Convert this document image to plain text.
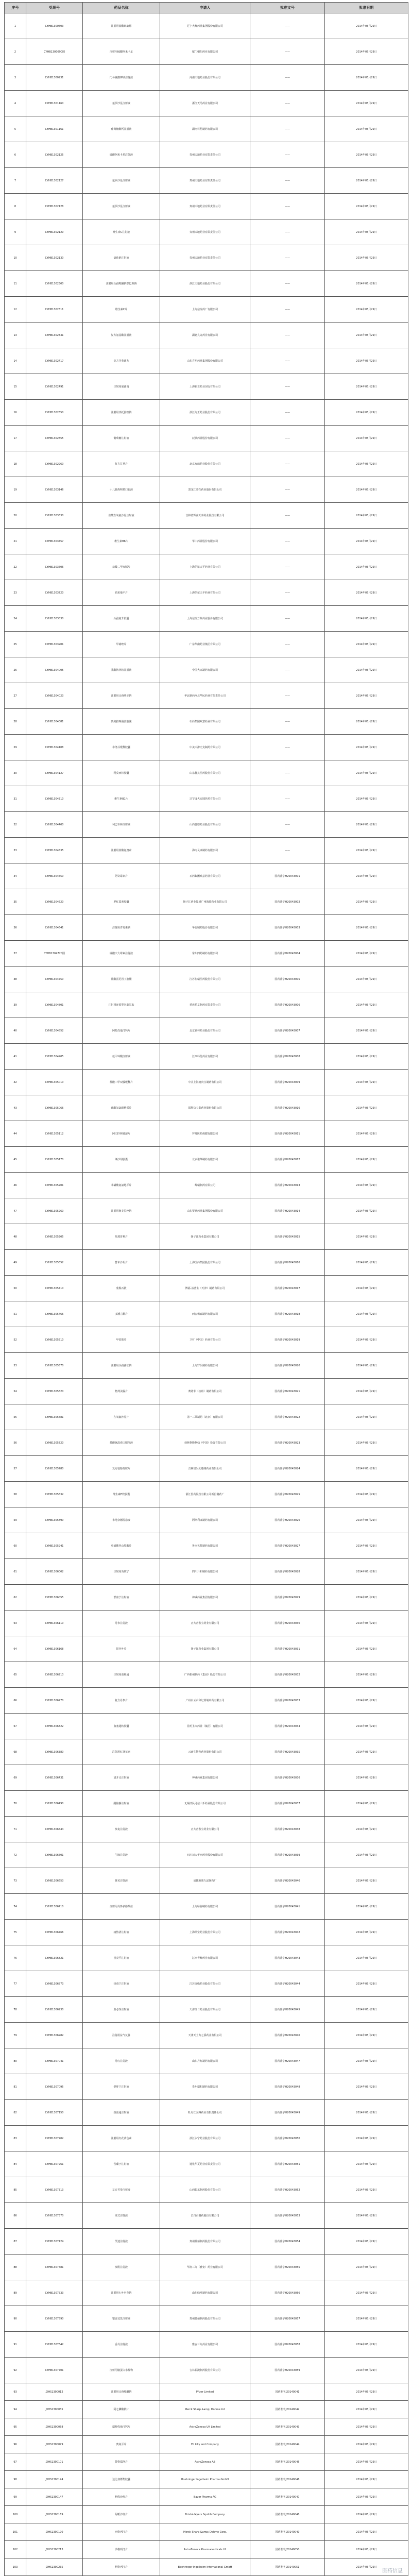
序号	受理号	药品名称	申请人	批准文号	批准日期
1	CYHB1300603	注射用盐酸吡硫醇	辽宁大峰药业集团股份有限公司	——	2014年05月29日
2	CYHB1300690国	注射用硫酸阿米卡星	厦门朝阳药业有限公司	——	2014年05月29日
3	CYHB1300931	门冬氨酸钾镁注射液	河南天地药业股份有限公司	——	2014年05月29日
4	CYHB1301160	氟罗沙星注射液	浙江天马药业有限公司	——	2014年05月29日
5	CYHB1301161	葡萄糖酸钙注射液	湖南科伦制药有限公司	——	2014年05月29日
6	CYHB1302125	硫酸阿米卡星注射液	贵州天地药业有限责任公司	——	2014年05月29日
7	CYHB1302127	氟罗沙星注射液	贵州天地药业有限责任公司	——	2014年05月29日
8	CYHB1302128	氟罗沙星注射液	贵州天地药业有限责任公司	——	2014年05月29日
9	CYHB1302129	维生素C注射液	贵州天地药业有限责任公司	——	2014年05月29日
10	CYHB1302130	氯化钠注射液	贵州天地药业有限责任公司	——	2014年05月29日
11	CYHB1302300	注射用头孢哌酮钠舒巴坦钠	浙江天地药业股份有限公司	——	2014年05月29日
12	CYHB1302311	维生素C片	上海信谊药厂有限公司	——	2014年05月29日
13	CYHB1302331	复方氨基酸注射液	湖北丸丸药业有限公司	——	2014年05月29日
14	CYHB1302417	复方丹参滴丸	山东方明药业集团股份有限公司	——	2014年05月29日
15	CYHB1302491	注射用氨曲南	上海新亚药业闵行有限公司	——	2014年05月29日
16	CYHB1302650	注射用泮托拉唑钠	浙江海正药业股份有限公司	——	2014年05月29日
17	CYHB1302855	葡萄糖注射液	辰欣药业股份有限公司	——	2014年05月29日
18	CYHB1302960	复方甘草片	北京双鹤药业股份有限公司	——	2014年05月29日
19	CYHB1303146	小儿肺热咳喘口服液	黑龙江葵花药业股份有限公司	——	2014年05月29日
20	CYHB1303330	盐酸左氧氟沙星注射液	吉林省辉南天泰药业股份有限公司	——	2014年05月29日
21	CYHB1303457	维生素B6片	华中药业股份有限公司	——	2014年05月29日
22	CYHB1303606	盐酸二甲双胍片	上海信谊天平药业有限公司	——	2014年05月29日
23	CYHB1303720	硝苯地平片	上海信谊天平药业有限公司	——	2014年05月29日
24	CYHB1303830	头孢氨苄胶囊	上海信谊万象药业股份有限公司	——	2014年05月29日
25	CYHB1303901	甲硝唑片	广东华南药业集团有限公司	——	2014年05月29日
26	CYHB1304005	乳酸钠林格注射液	中国大冢制药有限公司	——	2014年05月29日
27	CYHB1304023	注射用头孢呋辛钠	华北制药河北华民药业有限责任公司	——	2014年05月29日
28	CYHB1304081	奥美拉唑肠溶胶囊	石药集团欧意药业有限公司	——	2014年05月29日
29	CYHB1304108	布洛芬缓释胶囊	中美天津史克制药有限公司	——	2014年05月29日
30	CYHB1304127	阿莫西林胶囊	山东鲁抗医药股份有限公司	——	2014年05月29日
31	CYHB1304310	维生素B1片	辽宁成大方圆医药有限公司	——	2014年05月29日
32	CYHB1304400	利巴韦林注射液	山西普德药业股份有限公司	——	2014年05月29日
33	CYHB1304535	注射用盐酸氨溴索	海南灵康制药有限公司	——	2014年05月29日
34	CYHB1304550	阿奇霉素片	石药集团欧意药业有限公司	国药准字H20043001	2014年05月29日
35	CYHB1304620	罗红霉素胶囊	扬子江药业集团广州海瑞药业有限公司	国药准字H20043002	2014年05月29日
36	CYHB1304641	注射用青霉素钠	华北制药股份有限公司	国药准字H20043003	2014年05月29日
37	CYHB1304720国	硫酸庆大霉素注射液	常州四药制药有限公司	国药准字H20043004	2014年05月29日
38	CYHB1304750	盐酸雷尼替丁胶囊	江苏恒瑞医药股份有限公司	国药准字H20043005	2014年05月29日
39	CYHB1304801	注射用还原型谷胱甘肽	重庆药友制药有限责任公司	国药准字H20043006	2014年05月29日
40	CYHB1304852	阿托伐他汀钙片	北京嘉林药业股份有限公司	国药准字H20043007	2014年05月29日
41	CYHB1304905	氨甲环酸注射液	江西科伦药业有限公司	国药准字H20043008	2014年05月29日
42	CYHB1305010	盐酸二甲双胍缓释片	中美上海施贵宝制药有限公司	国药准字H20043009	2014年05月29日
43	CYHB1305066	硫酸氢氯吡格雷片	深圳信立泰药业股份有限公司	国药准字H20043010	2014年05月29日
44	CYHB1305112	阿司匹林肠溶片	拜耳医药保健有限公司	国药准字H20043011	2014年05月29日
45	CYHB1305170	缬沙坦胶囊	北京诺华制药有限公司	国药准字H20043012	2014年05月29日
46	CYHB1305201	苯磺酸氨氯地平片	辉瑞制药有限公司	国药准字H20043013	2014年05月29日
47	CYHB1305260	注射用奥美拉唑钠	山东罗欣药业集团股份有限公司	国药准字H20043014	2014年05月29日
48	CYHB1305305	依那普利片	扬子江药业集团有限公司	国药准字H20043015	2014年05月29日
49	CYHB1305352	替米沙坦片	上海医药集团股份有限公司	国药准字H20043016	2014年05月29日
50	CYHB1305410	蒙脱石散	博福-益普生（天津）制药有限公司	国药准字H20043017	2014年05月29日
51	CYHB1305466	多潘立酮片	西安杨森制药有限公司	国药准字H20043018	2014年05月29日
52	CYHB1305510	甲钴胺片	卫材（中国）药业有限公司	国药准字H20043019	2014年05月29日
53	CYHB1305570	注射用头孢曲松钠	上海罗氏制药有限公司	国药准字H20043020	2014年05月29日
54	CYHB1305620	格列美脲片	赛诺菲（杭州）制药有限公司	国药准字H20043021	2014年05月29日
55	CYHB1305681	左氧氟沙星片	第一三共制药（北京）有限公司	国药准字H20043022	2014年05月29日
56	CYHB1305720	盐酸氨溴索口服溶液	勃林格殷格翰（中国）投资有限公司	国药准字H20043023	2014年05月29日
57	CYHB1305780	复方氨酚烷胺片	吉林省吴太感康药业有限公司	国药准字H20043024	2014年05月29日
58	CYHB1305832	维生素E软胶囊	浙江医药股份有限公司新昌制药厂	国药准字H20043025	2014年05月29日
59	CYHB1305890	布地奈德混悬液	阿斯利康制药有限公司	国药准字H20043026	2014年05月29日
60	CYHB1305941	单硝酸异山梨酯片	鲁南贝特制药有限公司	国药准字H20043027	2014年05月29日
61	CYHB1306002	注射用炎琥宁	四川升和制药有限公司	国药准字H20043028	2014年05月29日
62	CYHB1306055	舒血宁注射液	神威药业集团有限公司	国药准字H20043029	2014年05月29日
63	CYHB1306110	丹参注射液	正大青春宝药业有限公司	国药准字H20043030	2014年05月29日
64	CYHB1306168	银杏叶片	扬子江药业集团有限公司	国药准字H20043031	2014年05月29日
65	CYHB1306213	注射用血栓通	广西梧州制药（集团）股份有限公司	国药准字H20043032	2014年05月29日
66	CYHB1306270	复方丹参片	广州白云山和记黄埔中药有限公司	国药准字H20043033	2014年05月29日
67	CYHB1306322	血塞通软胶囊	昆明圣火药业（集团）有限公司	国药准字H20043034	2014年05月29日
68	CYHB1306380	注射用灯盏花素	云南生物谷药业股份有限公司	国药准字H20043035	2014年05月29日
69	CYHB1306431	清开灵注射液	神威药业集团有限公司	国药准字H20043036	2014年05月29日
70	CYHB1306490	醒脑静注射液	无锡济民可信山禾药业股份有限公司	国药准字H20043037	2014年05月29日
71	CYHB1306544	参麦注射液	正大青春宝药业有限公司	国药准字H20043038	2014年05月29日
72	CYHB1306601	生脉注射液	四川川大华西药业股份有限公司	国药准字H20043039	2014年05月29日
73	CYHB1306653	黄芪注射液	成都地奥九泓制药厂	国药准字H20043040	2014年05月29日
74	CYHB1306710	注射用丹参多酚酸盐	上海绿谷制药有限公司	国药准字H20043041	2014年05月29日
75	CYHB1306766	痰热清注射液	上海凯宝药业股份有限公司	国药准字H20043042	2014年05月29日
76	CYHB1306821	喜炎平注射液	江西青峰药业有限公司	国药准字H20043043	2014年05月29日
77	CYHB1306873	热毒宁注射液	江苏康缘药业股份有限公司	国药准字H20043044	2014年05月29日
78	CYHB1306930	血必净注射液	天津红日药业股份有限公司	国药准字H20043045	2014年05月29日
79	CYHB1306982	注射用益气复脉	天津天士力之骄药业有限公司	国药准字H20043046	2014年05月29日
80	CYHB1307041	丹红注射液	山东丹红制药有限公司	国药准字H20043047	2014年05月29日
81	CYHB1307095	舒肝宁注射液	贵州瑞和制药有限公司	国药准字H20043048	2014年05月29日
82	CYHB1307150	疏血通注射液	牡丹江友搏药业有限责任公司	国药准字H20043049	2014年05月29日
83	CYHB1307202	注射用红花黄色素	浙江永宁药业股份有限公司	国药准字H20043050	2014年05月29日
84	CYHB1307261	苦碟子注射液	通化华夏药业有限责任公司	国药准字H20043051	2014年05月29日
85	CYHB1307313	复方苦参注射液	山西振东制药股份有限公司	国药准字H20043052	2014年05月29日
86	CYHB1307370	康艾注射液	长白山制药股份有限公司	国药准字H20043053	2014年05月29日
87	CYHB1307424	艾迪注射液	贵州益佰制药股份有限公司	国药准字H20043054	2014年05月29日
88	CYHB1307481	参附注射液	华润三九（雅安）药业有限公司	国药准字H20043055	2014年05月29日
89	CYHB1307533	注射用七叶皂苷钠	山东绿叶制药有限公司	国药准字H20043056	2014年05月29日
90	CYHB1307590	银杏达莫注射液	贵州益佰制药股份有限公司	国药准字H20043057	2014年05月29日
91	CYHB1307642	香丹注射液	雅安三九药业有限公司	国药准字H20043058	2014年05月29日
92	CYHB1307701	注射用脑蛋白水解物	吉林振澳制药股份有限公司	国药准字H20043059	2014年05月29日
93	JXHS1300012	注射用头孢哌酮钠	Pfizer Limited	国药准字J20140041	2014年05月29日
94	JXHS1300035	阿仑膦酸钠片	Merck Sharp &amp; Dohme Ltd	国药准字J20140042	2014年05月29日
95	JXHS1300058	瑞舒伐他汀钙片	AstraZeneca UK Limited	国药准字J20140043	2014年05月29日
96	JXHS1300079	奥氮平片	Eli Lilly and Company	国药准字J20140044	2014年05月29日
97	JXHS1300101	替格瑞洛片	AstraZeneca AB	国药准字J20140045	2014年05月29日
98	JXHS1300124	达比加群酯胶囊	Boehringer Ingelheim Pharma GmbH	国药准字J20140046	2014年05月29日
99	JXHS1300147	利伐沙班片	Bayer Pharma AG	国药准字J20140047	2014年05月29日
100	JXHS1300169	阿哌沙班片	Bristol-Myers Squibb Company	国药准字J20140048	2014年05月29日
101	JXHS1300190	西格列汀片	Merck Sharp &amp; Dohme Corp.	国药准字J20140049	2014年05月29日
102	JXHS1300213	沙格列汀片	AstraZeneca Pharmaceuticals LP	国药准字J20140050	2014年05月29日
103	JXHS1300235	利格列汀片	Boehringer Ingelheim International GmbH	国药准字J20140051	2014年05月29日

医药信息
